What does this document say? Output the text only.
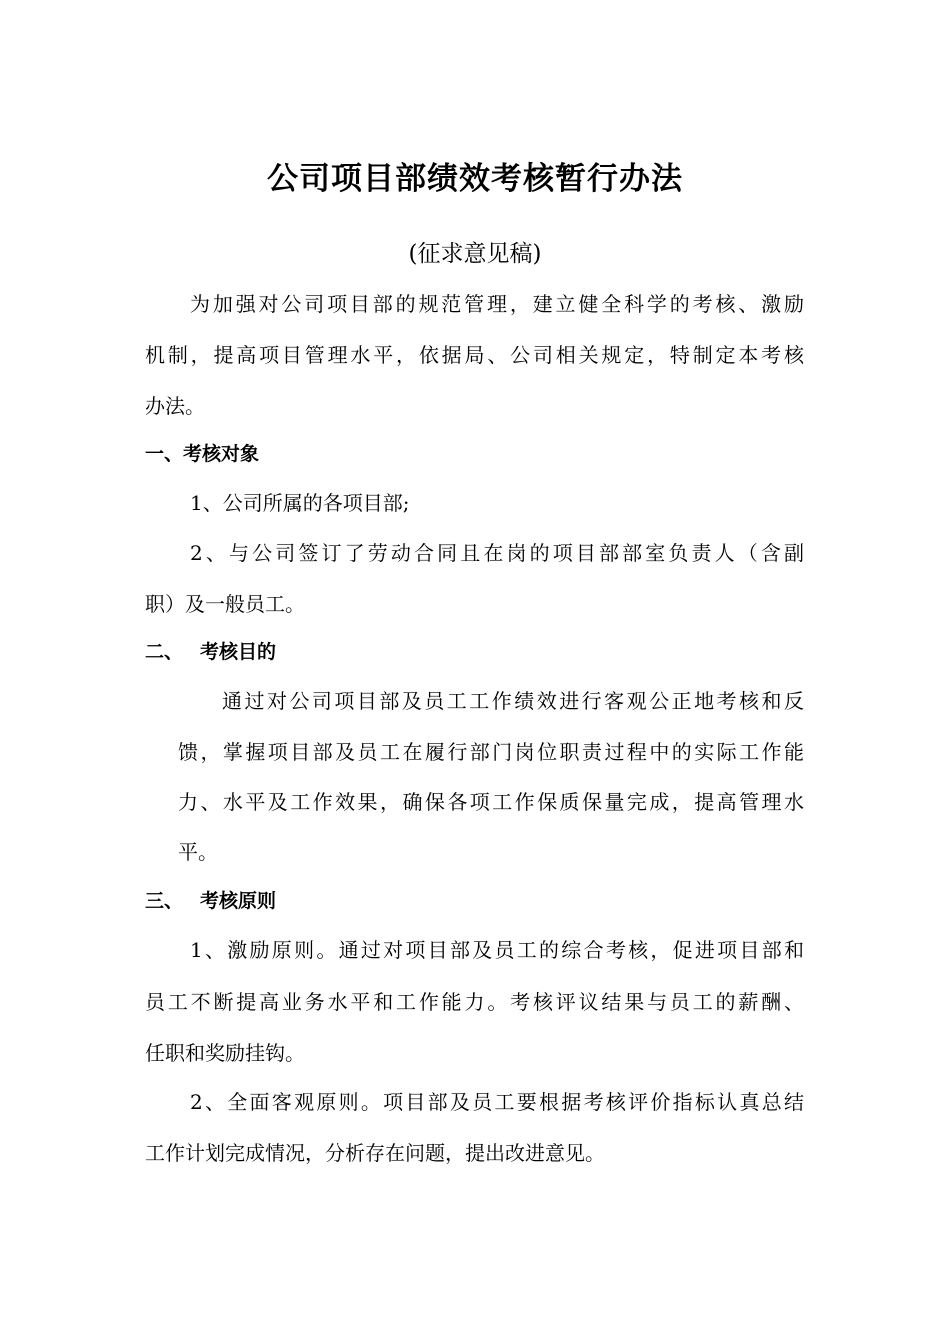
公司项目部绩效考核暂行办法
(征求意见稿)
为加强对公司项目部的规范管理，建立健全科学的考核、激励
机制，提高项目管理水平，依据局、公司相关规定，特制定本考核
办法。
一、考核对象
1、公司所属的各项目部;
2、与公司签订了劳动合同且在岗的项目部部室负责人（含副
职）及一般员工。
二、 考核目的
通过对公司项目部及员工工作绩效进行客观公正地考核和反
馈，掌握项目部及员工在履行部门岗位职责过程中的实际工作能
力、水平及工作效果，确保各项工作保质保量完成，提高管理水
平。
三、 考核原则
1、激励原则。通过对项目部及员工的综合考核，促进项目部和
员工不断提高业务水平和工作能力。考核评议结果与员工的薪酬、
任职和奖励挂钩。
2、全面客观原则。项目部及员工要根据考核评价指标认真总结
工作计划完成情况，分析存在问题，提出改进意见。
